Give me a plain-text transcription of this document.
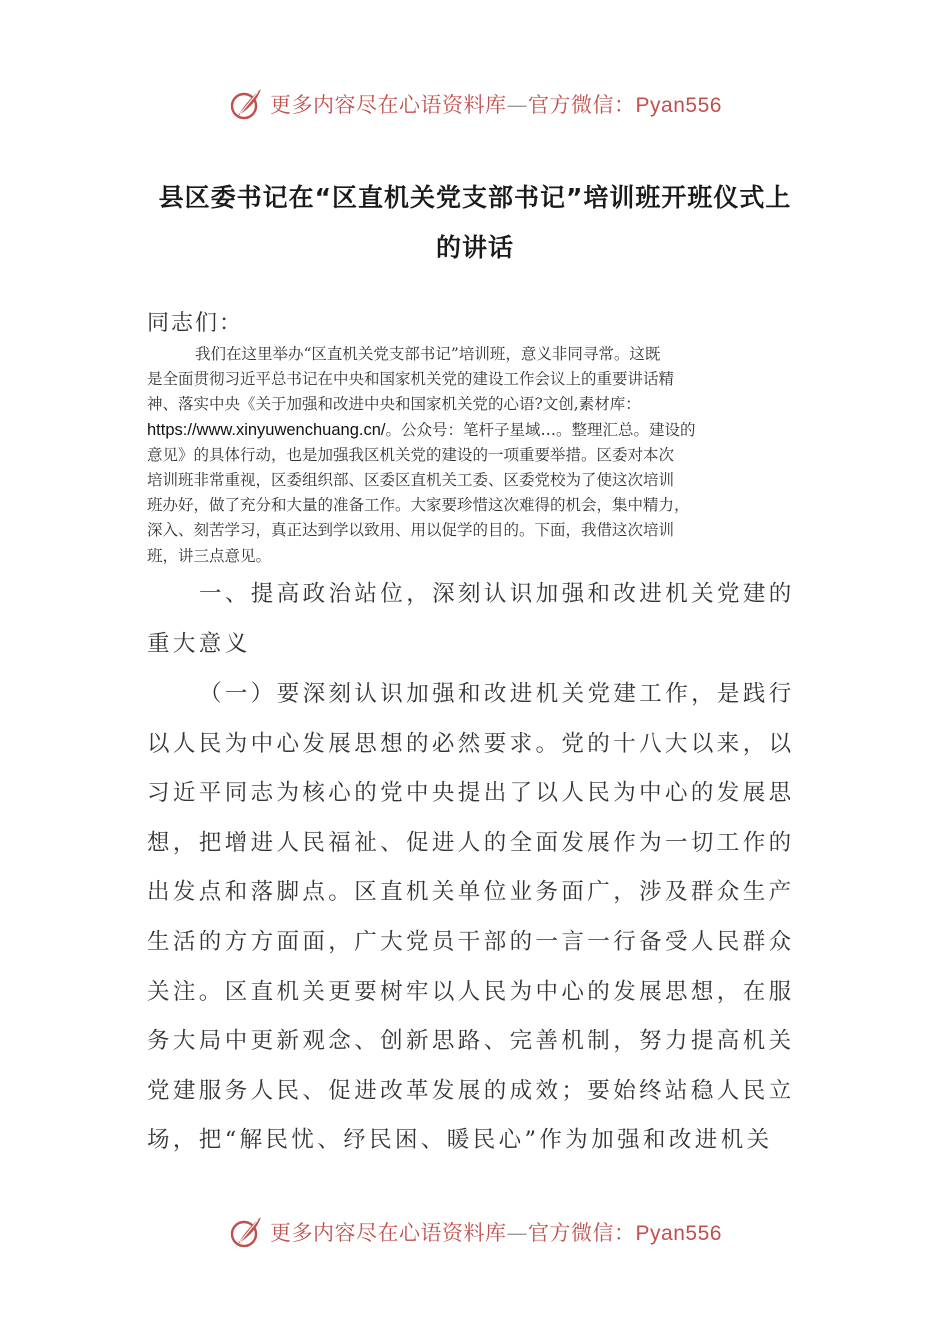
更多内容尽在心语资料库—官方微信：Pyan556
县区委书记在“区直机关党支部书记”培训班开班仪式上
的讲话
同志们：
我们在这里举办“区直机关党支部书记”培训班，意义非同寻常。这既
是全面贯彻习近平总书记在中央和国家机关党的建设工作会议上的重要讲话精
神、落实中央《关于加强和改进中央和国家机关党的心语?文创,素材库：
https://www.xinyuwenchuang.cn/。公众号：笔杆子星域…。整理汇总。建设的
意见》的具体行动，也是加强我区机关党的建设的一项重要举措。区委对本次
培训班非常重视，区委组织部、区委区直机关工委、区委党校为了使这次培训
班办好，做了充分和大量的准备工作。大家要珍惜这次难得的机会，集中精力，
深入、刻苦学习，真正达到学以致用、用以促学的目的。下面，我借这次培训
班，讲三点意见。
一、提高政治站位，深刻认识加强和改进机关党建的
重大意义
（一）要深刻认识加强和改进机关党建工作，是践行
以人民为中心发展思想的必然要求。党的十八大以来，以
习近平同志为核心的党中央提出了以人民为中心的发展思
想，把增进人民福祉、促进人的全面发展作为一切工作的
出发点和落脚点。区直机关单位业务面广，涉及群众生产
生活的方方面面，广大党员干部的一言一行备受人民群众
关注。区直机关更要树牢以人民为中心的发展思想，在服
务大局中更新观念、创新思路、完善机制，努力提高机关
党建服务人民、促进改革发展的成效；要始终站稳人民立
场，把“解民忧、纾民困、暖民心”作为加强和改进机关
更多内容尽在心语资料库—官方微信：Pyan556
